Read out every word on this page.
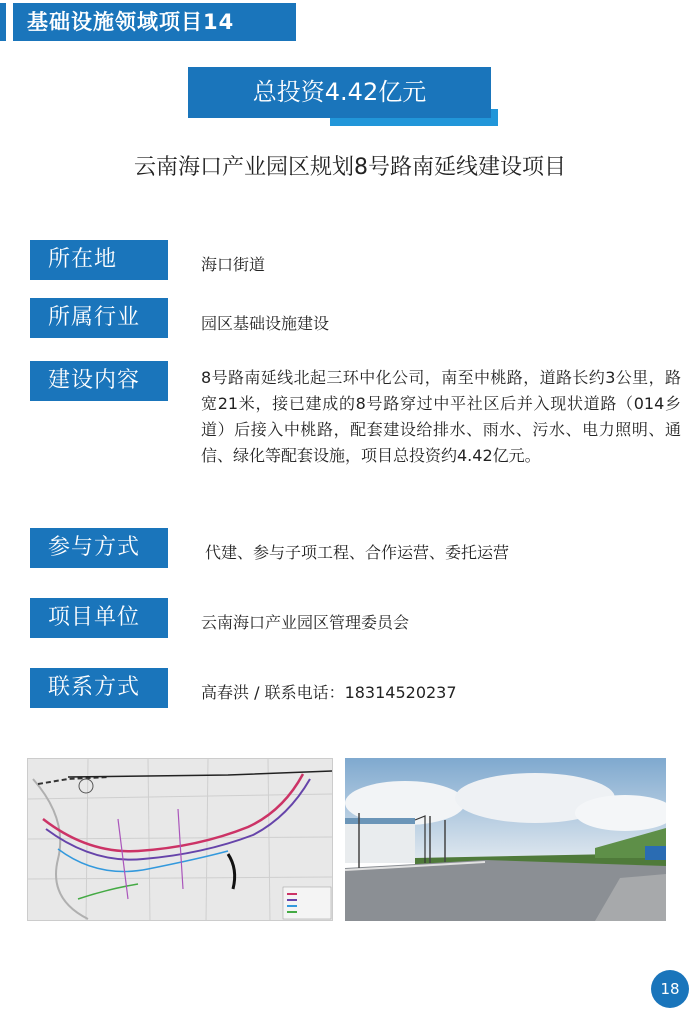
基础设施领域项目14
总投资4.42亿元
云南海口产业园区规划8号路南延线建设项目
所在地	海口街道
所属行业	园区基础设施建设
建设内容	8号路南延线北起三环中化公司，南至中桃路，道路长约3公里，路宽21米，接已建成的8号路穿过中平社区后并入现状道路（014乡道）后接入中桃路，配套建设给排水、雨水、污水、电力照明、通信、绿化等配套设施，项目总投资约4.42亿元。
参与方式	代建、参与子项工程、合作运营、委托运营
项目单位	云南海口产业园区管理委员会
联系方式	高春洪 / 联系电话：18314520237
18
